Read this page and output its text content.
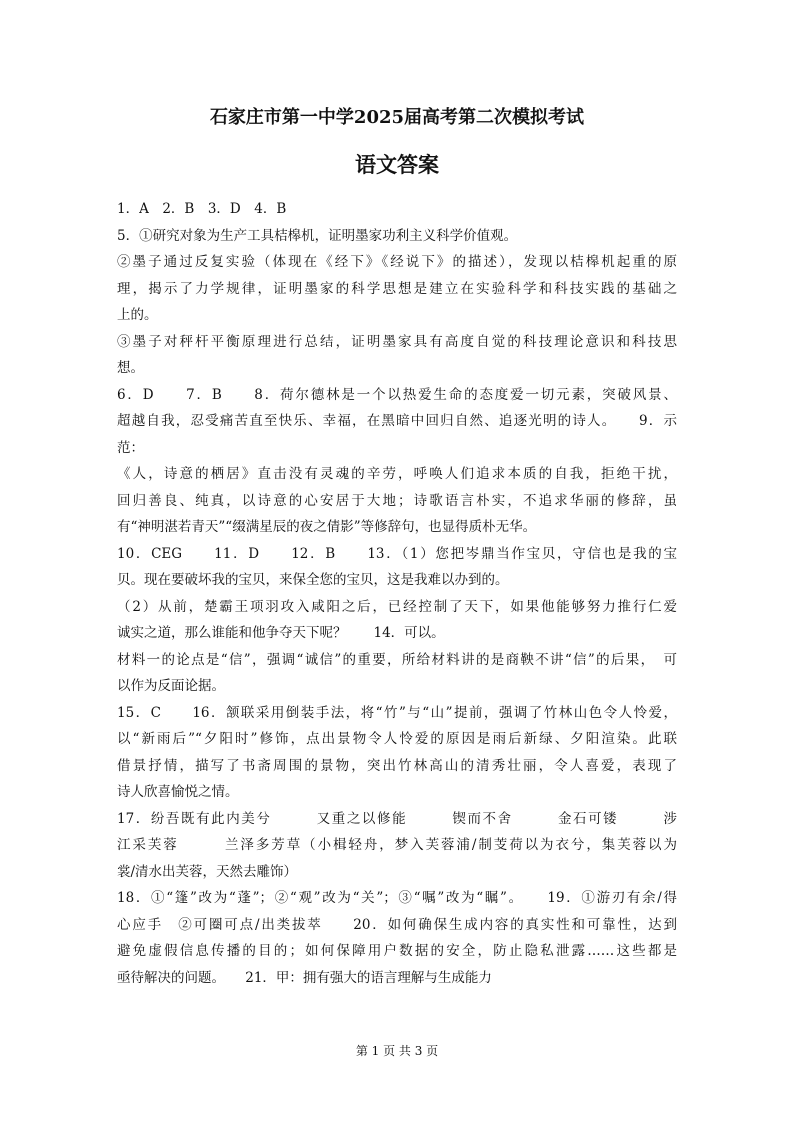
石家庄市第一中学2025届高考第二次模拟考试
语文答案
1．A　2．B　3．D　4．B
5．①研究对象为生产工具桔槔机，证明墨家功利主义科学价值观。
②墨子通过反复实验（体现在《经下》《经说下》的描述），发现以桔槔机起重的原
理，揭示了力学规律，证明墨家的科学思想是建立在实验科学和科技实践的基础之
上的。
③墨子对秤杆平衡原理进行总结，证明墨家具有高度自觉的科技理论意识和科技思
想。
6．D　　7．B　　8．荷尔德林是一个以热爱生命的态度爱一切元素，突破风景、
超越自我，忍受痛苦直至快乐、幸福，在黑暗中回归自然、追逐光明的诗人。　　9．示
范：
《人，诗意的栖居》直击没有灵魂的辛劳，呼唤人们追求本质的自我，拒绝干扰，
回归善良、纯真，以诗意的心安居于大地；诗歌语言朴实，不追求华丽的修辞，虽
有“神明湛若青天”“缀满星辰的夜之倩影”等修辞句，也显得质朴无华。
10．CEG　　11．D　　12．B　　13．（1）您把岑鼎当作宝贝，守信也是我的宝
贝。现在要破坏我的宝贝，来保全您的宝贝，这是我难以办到的。
（2）从前，楚霸王项羽攻入咸阳之后，已经控制了天下，如果他能够努力推行仁爱
诚实之道，那么谁能和他争夺天下呢？　　14．可以。
材料一的论点是“信”，强调“诚信”的重要，所给材料讲的是商鞅不讲“信”的后果，　可
以作为反面论据。
15．C　　16．颔联采用倒装手法，将“竹”与“山”提前，强调了竹林山色令人怜爱，
以“新雨后”“夕阳时”修饰，点出景物令人怜爱的原因是雨后新绿、夕阳渲染。此联
借景抒情，描写了书斋周围的景物，突出竹林高山的清秀壮丽，令人喜爱，表现了
诗人欣喜愉悦之情。
17．纷吾既有此内美兮　　　又重之以修能　　　锲而不舍　　　金石可镂　　　涉
江采芙蓉　　　兰泽多芳草（小楫轻舟，梦入芙蓉浦/制芰荷以为衣兮，集芙蓉以为
裳/清水出芙蓉，天然去雕饰）
18．①“篷”改为“蓬”；②“观”改为“关”；③“嘱”改为“瞩”。　　19．①游刃有余/得
心应手　②可圈可点/出类拔萃　　20．如何确保生成内容的真实性和可靠性，达到
避免虚假信息传播的目的；如何保障用户数据的安全，防止隐私泄露……这些都是
亟待解决的问题。　　21．甲：拥有强大的语言理解与生成能力
第 1 页 共 3 页
